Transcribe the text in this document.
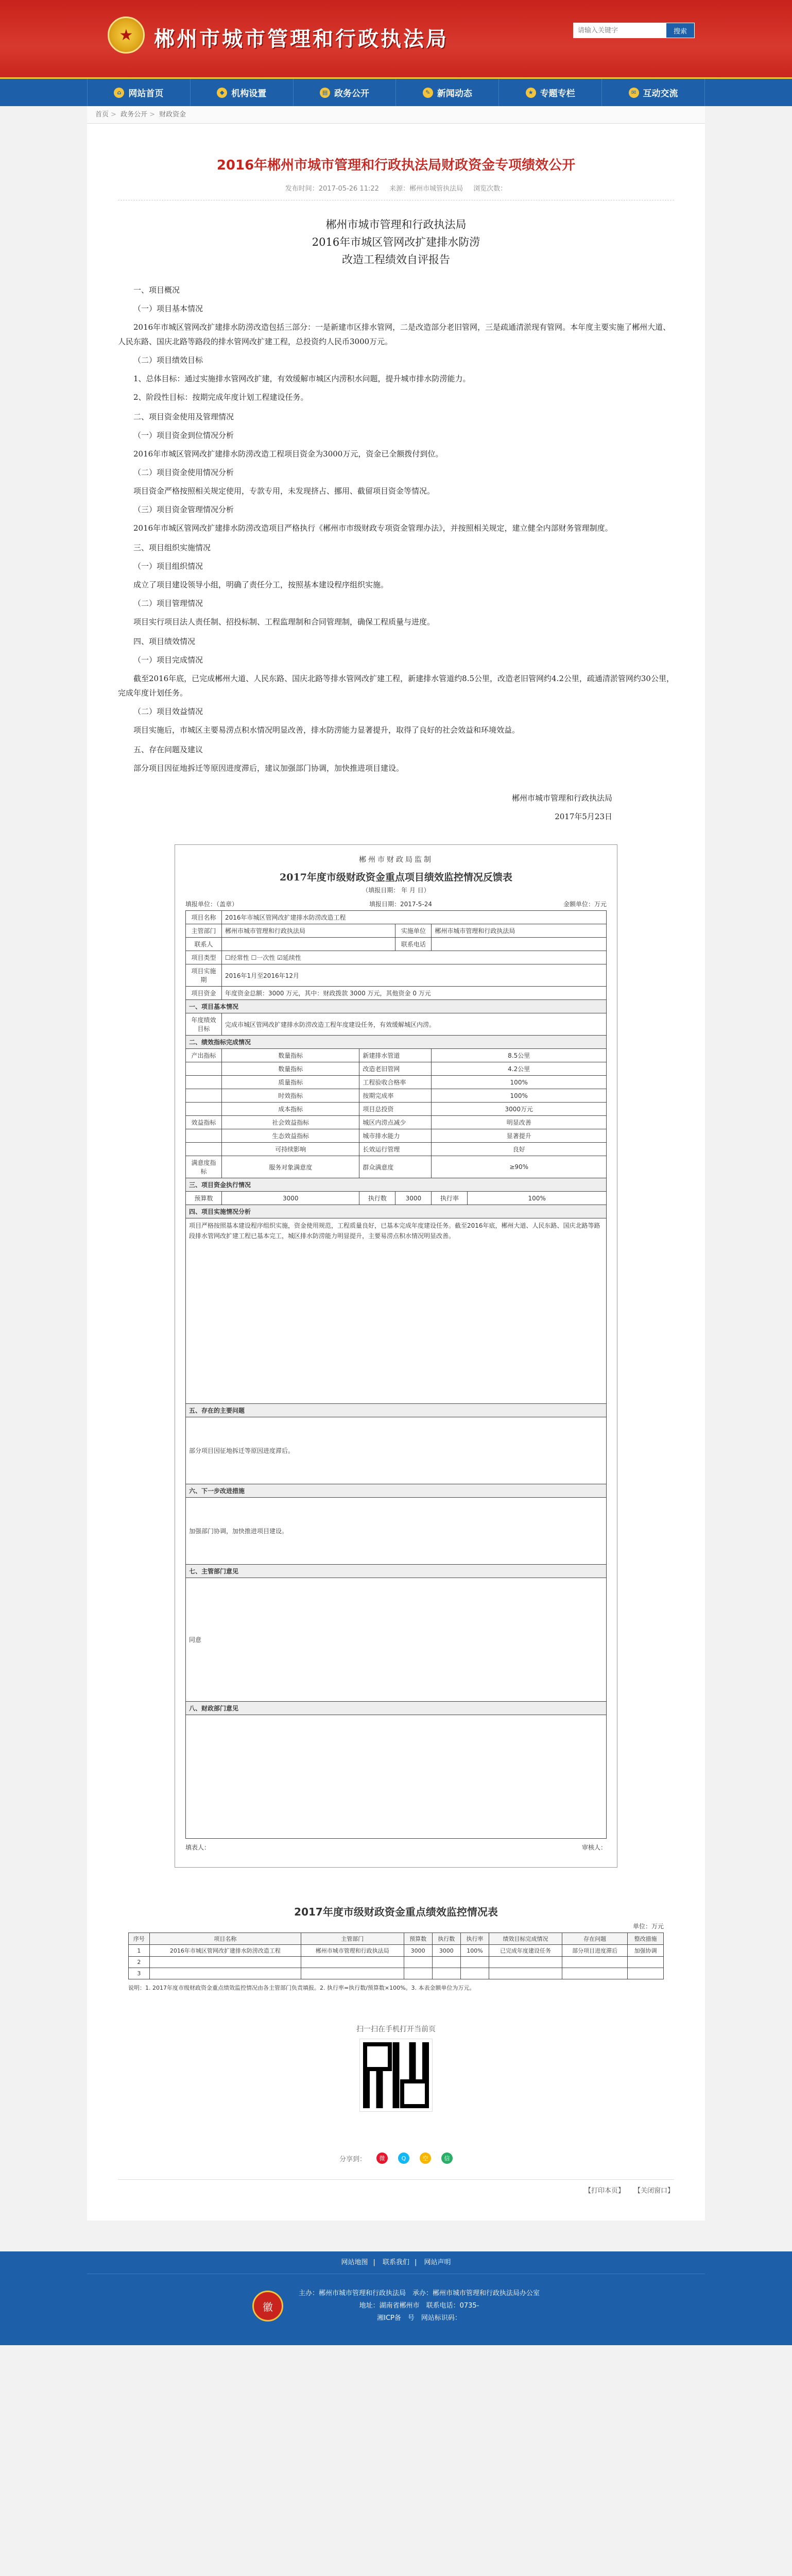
★	郴州市城市管理和行政执法局
请输入关键字	搜索
⌂ 网站首页	◆ 机构设置	▤ 政务公开	✎ 新闻动态	★ 专题专栏	✉ 互动交流
首页 > 政务公开 > 财政资金
2016年郴州市城市管理和行政执法局财政资金专项绩效公开
发布时间：2017-05-26 11:22 来源：郴州市城管执法局 浏览次数：
郴州市城市管理和行政执法局
2016年市城区管网改扩建排水防涝
改造工程绩效自评报告

一、项目概况

（一）项目基本情况

2016年市城区管网改扩建排水防涝改造包括三部分：一是新建市区排水管网，二是改造部分老旧管网，三是疏通清淤现有管网。本年度主要实施了郴州大道、人民东路、国庆北路等路段的排水管网改扩建工程，总投资约人民币3000万元。

（二）项目绩效目标

1、总体目标：通过实施排水管网改扩建，有效缓解市城区内涝积水问题，提升城市排水防涝能力。

2、阶段性目标：按期完成年度计划工程建设任务。

二、项目资金使用及管理情况

（一）项目资金到位情况分析

2016年市城区管网改扩建排水防涝改造工程项目资金为3000万元，资金已全额拨付到位。

（二）项目资金使用情况分析

项目资金严格按照相关规定使用，专款专用，未发现挤占、挪用、截留项目资金等情况。

（三）项目资金管理情况分析

2016年市城区管网改扩建排水防涝改造项目严格执行《郴州市市级财政专项资金管理办法》，并按照相关规定，建立健全内部财务管理制度。

三、项目组织实施情况

（一）项目组织情况

成立了项目建设领导小组，明确了责任分工，按照基本建设程序组织实施。

（二）项目管理情况

项目实行项目法人责任制、招投标制、工程监理制和合同管理制，确保工程质量与进度。

四、项目绩效情况

（一）项目完成情况

截至2016年底，已完成郴州大道、人民东路、国庆北路等排水管网改扩建工程，新建排水管道约8.5公里，改造老旧管网约4.2公里，疏通清淤管网约30公里，完成年度计划任务。

（二）项目效益情况

项目实施后，市城区主要易涝点积水情况明显改善，排水防涝能力显著提升，取得了良好的社会效益和环境效益。

五、存在问题及建议

部分项目因征地拆迁等原因进度滞后，建议加强部门协调，加快推进项目建设。

郴州市城市管理和行政执法局

2017年5月23日

郴州市财政局监制
2017年度市级财政资金重点项目绩效监控情况反馈表
（填报日期： 年 月 日）
填报单位：（盖章）	填报日期：2017-5-24	金额单位：万元
项目名称	2016年市城区管网改扩建排水防涝改造工程				
主管部门	郴州市城市管理和行政执法局		实施单位	郴州市城市管理和行政执法局	
联系人			联系电话		
项目类型	☐经常性 ☐一次性 ☑延续性				
项目实施期	2016年1月至2016年12月				
项目资金	年度资金总额：3000 万元，其中：财政拨款 3000 万元，其他资金 0 万元				
一、项目基本情况					
年度绩效目标	完成市城区管网改扩建排水防涝改造工程年度建设任务，有效缓解城区内涝。				
二、绩效指标完成情况					
产出指标	数量指标	新建排水管道		8.5公里	
	数量指标	改造老旧管网		4.2公里	
	质量指标	工程验收合格率		100%	
	时效指标	按期完成率		100%	
	成本指标	项目总投资		3000万元	
效益指标	社会效益指标	城区内涝点减少		明显改善	
	生态效益指标	城市排水能力		显著提升	
	可持续影响	长效运行管理		良好	
满意度指标	服务对象满意度	群众满意度		≥90%	
三、项目资金执行情况					
预算数	3000	执行数	3000	执行率	100%
四、项目实施情况分析					
项目严格按照基本建设程序组织实施，资金使用规范，工程质量良好，已基本完成年度建设任务。截至2016年底，郴州大道、人民东路、国庆北路等路段排水管网改扩建工程已基本完工，城区排水防涝能力明显提升，主要易涝点积水情况明显改善。					
五、存在的主要问题					
部分项目因征地拆迁等原因进度滞后。					
六、下一步改进措施					
加强部门协调，加快推进项目建设。					
七、主管部门意见					
同意					
八、财政部门意见					

填表人：	审核人：
2017年度市级财政资金重点绩效监控情况表
单位：万元
序号	项目名称	主管部门	预算数	执行数	执行率	绩效目标完成情况	存在问题	整改措施
1	2016年市城区管网改扩建排水防涝改造工程	郴州市城市管理和行政执法局	3000	3000	100%	已完成年度建设任务	部分项目进度滞后	加强协调
2								
3								
说明：1. 2017年度市级财政资金重点绩效监控情况由各主管部门负责填报。2. 执行率=执行数/预算数×100%。3. 本表金额单位为万元。
扫一扫在手机打开当前页
分享到：	微	Q	空	信
【打印本页】 【关闭窗口】
网站地图 | 联系我们 | 网站声明
徽
主办：郴州市城市管理和行政执法局　承办：郴州市城市管理和行政执法局办公室
地址：湖南省郴州市　联系电话：0735-
湘ICP备　号　网站标识码：
